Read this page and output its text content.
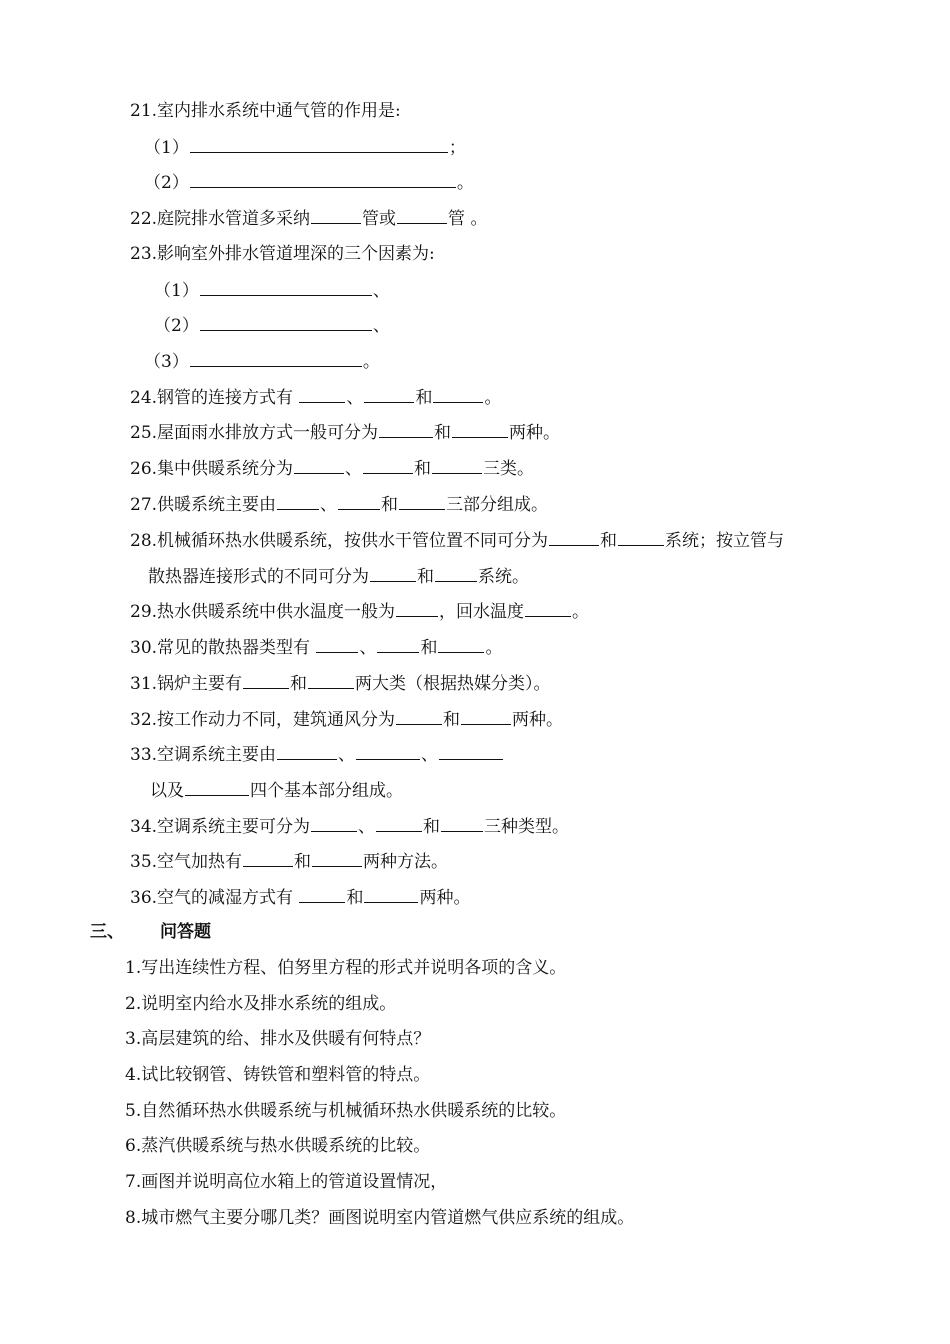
21.室内排水系统中通气管的作用是:
（1）	；
（2）	。
22.庭院排水管道多采纳	管或	管 。
23.影响室外排水管道埋深的三个因素为:
（1）	、
（2）	、
（3）	。
24.钢管的连接方式有	、	和	。
25.屋面雨水排放方式一般可分为	和	两种。
26.集中供暖系统分为	、	和	三类。
27.供暖系统主要由	、	和	三部分组成。
28.机械循环热水供暖系统，按供水干管位置不同可分为	和	系统；按立管与
散热器连接形式的不同可分为	和	系统。
29.热水供暖系统中供水温度一般为	，回水温度	。
30.常见的散热器类型有	、	和	。
31.锅炉主要有	和	两大类（根据热媒分类）。
32.按工作动力不同，建筑通风分为	和	两种。
33.空调系统主要由	、	、
以及	四个基本部分组成。
34.空调系统主要可分为	、	和	三种类型。
35.空气加热有	和	两种方法。
36.空气的减湿方式有	和	两种。
三、 问答题
1.写出连续性方程、伯努里方程的形式并说明各项的含义。
2.说明室内给水及排水系统的组成。
3.高层建筑的给、排水及供暖有何特点？
4.试比较钢管、铸铁管和塑料管的特点。
5.自然循环热水供暖系统与机械循环热水供暖系统的比较。
6.蒸汽供暖系统与热水供暖系统的比较。
7.画图并说明高位水箱上的管道设置情况，
8.城市燃气主要分哪几类？画图说明室内管道燃气供应系统的组成。
